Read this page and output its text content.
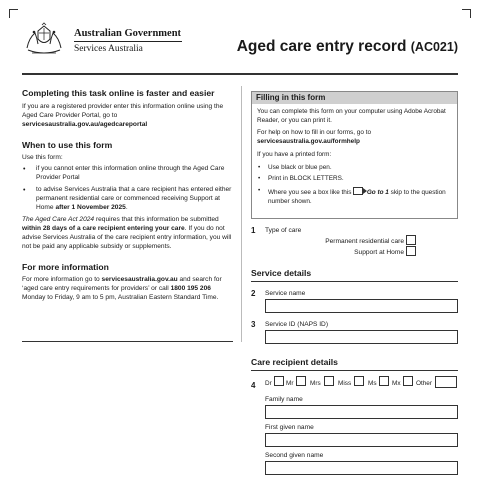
Australian Government
Services Australia	Aged care entry record (AC021)
Completing this task online is faster and easier

If you are a registered provider enter this information online using the Aged Care Provider Portal, go to servicesaustralia.gov.au/agedcareportal

When to use this form

Use this form:

• if you cannot enter this information online through the Aged Care Provider Portal
• to advise Services Australia that a care recipient has entered either permanent residential care or commenced receiving Support at Home after 1 November 2025.

The Aged Care Act 2024 requires that this information be submitted within 28 days of a care recipient entering your care. If you do not advise Services Australia of the care recipient entry information, you will not be paid any applicable subsidy or supplements.

For more information

For more information go to servicesaustralia.gov.au and search for ‘aged care entry requirements for providers’ or call 1800 195 206
Monday to Friday, 9 am to 5 pm, Australian Eastern Standard Time.

Filling in this form

You can complete this form on your computer using Adobe Acrobat Reader, or you can print it.

For help on how to fill in our forms, go to
servicesaustralia.gov.au/formhelp

If you have a printed form:

• Use black or blue pen.
• Print in BLOCK LETTERS.
• Where you see a box like this Go to 1 skip to the question number shown.
1 Type of care
Permanent residential care
Support at Home
Service details
2 Service name
3 Service ID (NAPS ID)
Care recipient details
4 Dr Mr	Mrs	Miss	Ms Mx Other
Family name
First given name
Second given name
